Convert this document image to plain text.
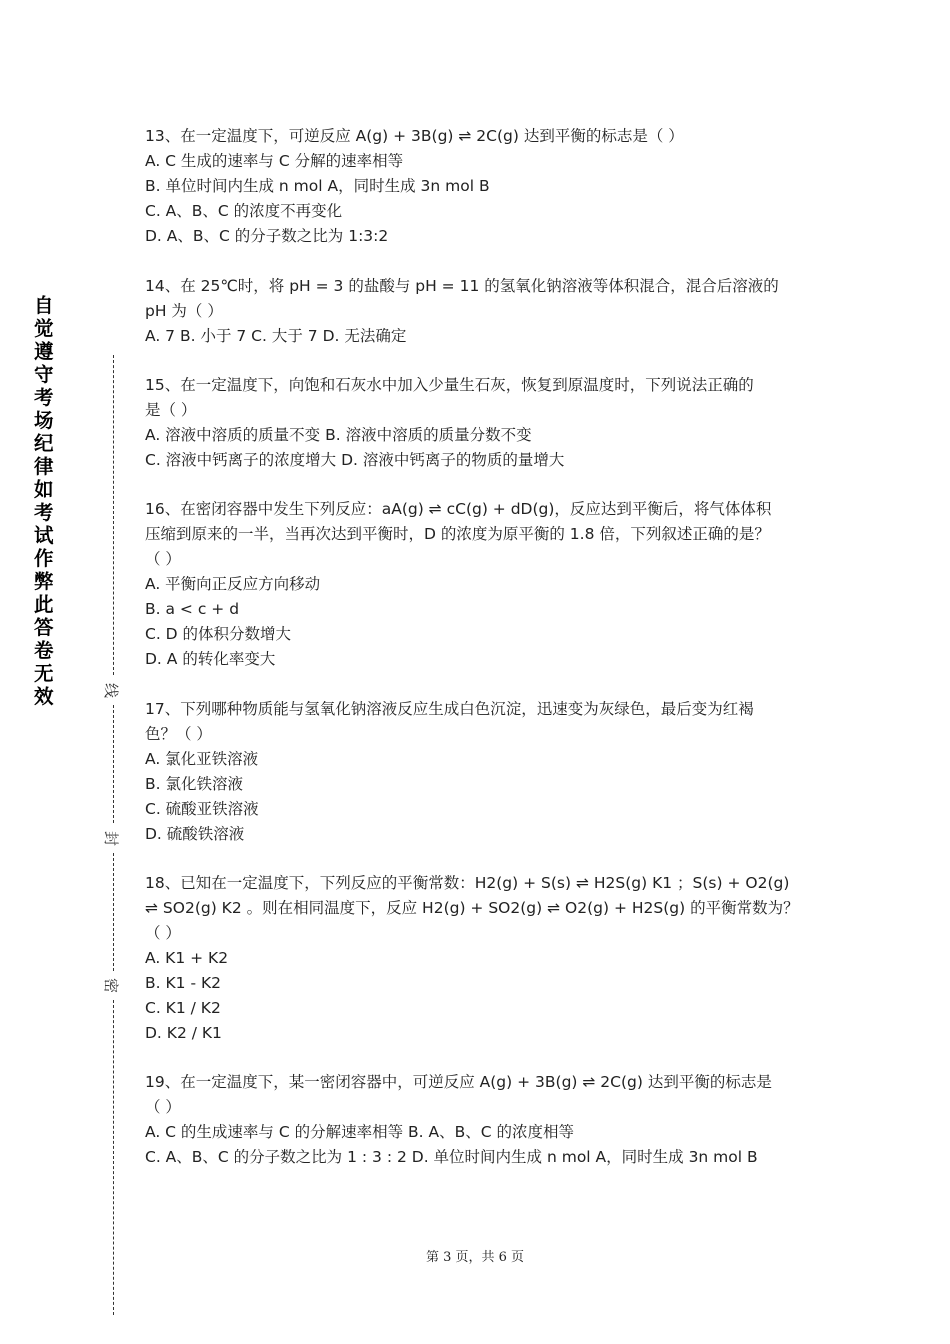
自觉遵守考场纪律如考试作弊此答卷无效	线
封
密
13、在一定温度下，可逆反应 A(g) + 3B(g) ⇌ 2C(g) 达到平衡的标志是（ ）
A. C 生成的速率与 C 分解的速率相等
B. 单位时间内生成 n mol A，同时生成 3n mol B
C. A、B、C 的浓度不再变化
D. A、B、C 的分子数之比为 1:3:2
14、在 25℃时，将 pH = 3 的盐酸与 pH = 11 的氢氧化钠溶液等体积混合，混合后溶液的
pH 为（ ）
A. 7 B. 小于 7 C. 大于 7 D. 无法确定
15、在一定温度下，向饱和石灰水中加入少量生石灰，恢复到原温度时，下列说法正确的
是（ ）
A. 溶液中溶质的质量不变 B. 溶液中溶质的质量分数不变
C. 溶液中钙离子的浓度增大 D. 溶液中钙离子的物质的量增大
16、在密闭容器中发生下列反应：aA(g) ⇌ cC(g) + dD(g)，反应达到平衡后，将气体体积
压缩到原来的一半，当再次达到平衡时，D 的浓度为原平衡的 1.8 倍，下列叙述正确的是？
（ ）
A. 平衡向正反应方向移动
B. a < c + d
C. D 的体积分数增大
D. A 的转化率变大
17、下列哪种物质能与氢氧化钠溶液反应生成白色沉淀，迅速变为灰绿色，最后变为红褐
色？（ ）
A. 氯化亚铁溶液
B. 氯化铁溶液
C. 硫酸亚铁溶液
D. 硫酸铁溶液
18、已知在一定温度下，下列反应的平衡常数：H2(g) + S(s) ⇌ H2S(g) K1 ；S(s) + O2(g)
⇌ SO2(g) K2 。则在相同温度下，反应 H2(g) + SO2(g) ⇌ O2(g) + H2S(g) 的平衡常数为？
（ ）
A. K1 + K2
B. K1 - K2
C. K1 / K2
D. K2 / K1
19、在一定温度下，某一密闭容器中，可逆反应 A(g) + 3B(g) ⇌ 2C(g) 达到平衡的标志是
（ ）
A. C 的生成速率与 C 的分解速率相等 B. A、B、C 的浓度相等
C. A、B、C 的分子数之比为 1 : 3 : 2 D. 单位时间内生成 n mol A，同时生成 3n mol B
第 3 页，共 6 页
